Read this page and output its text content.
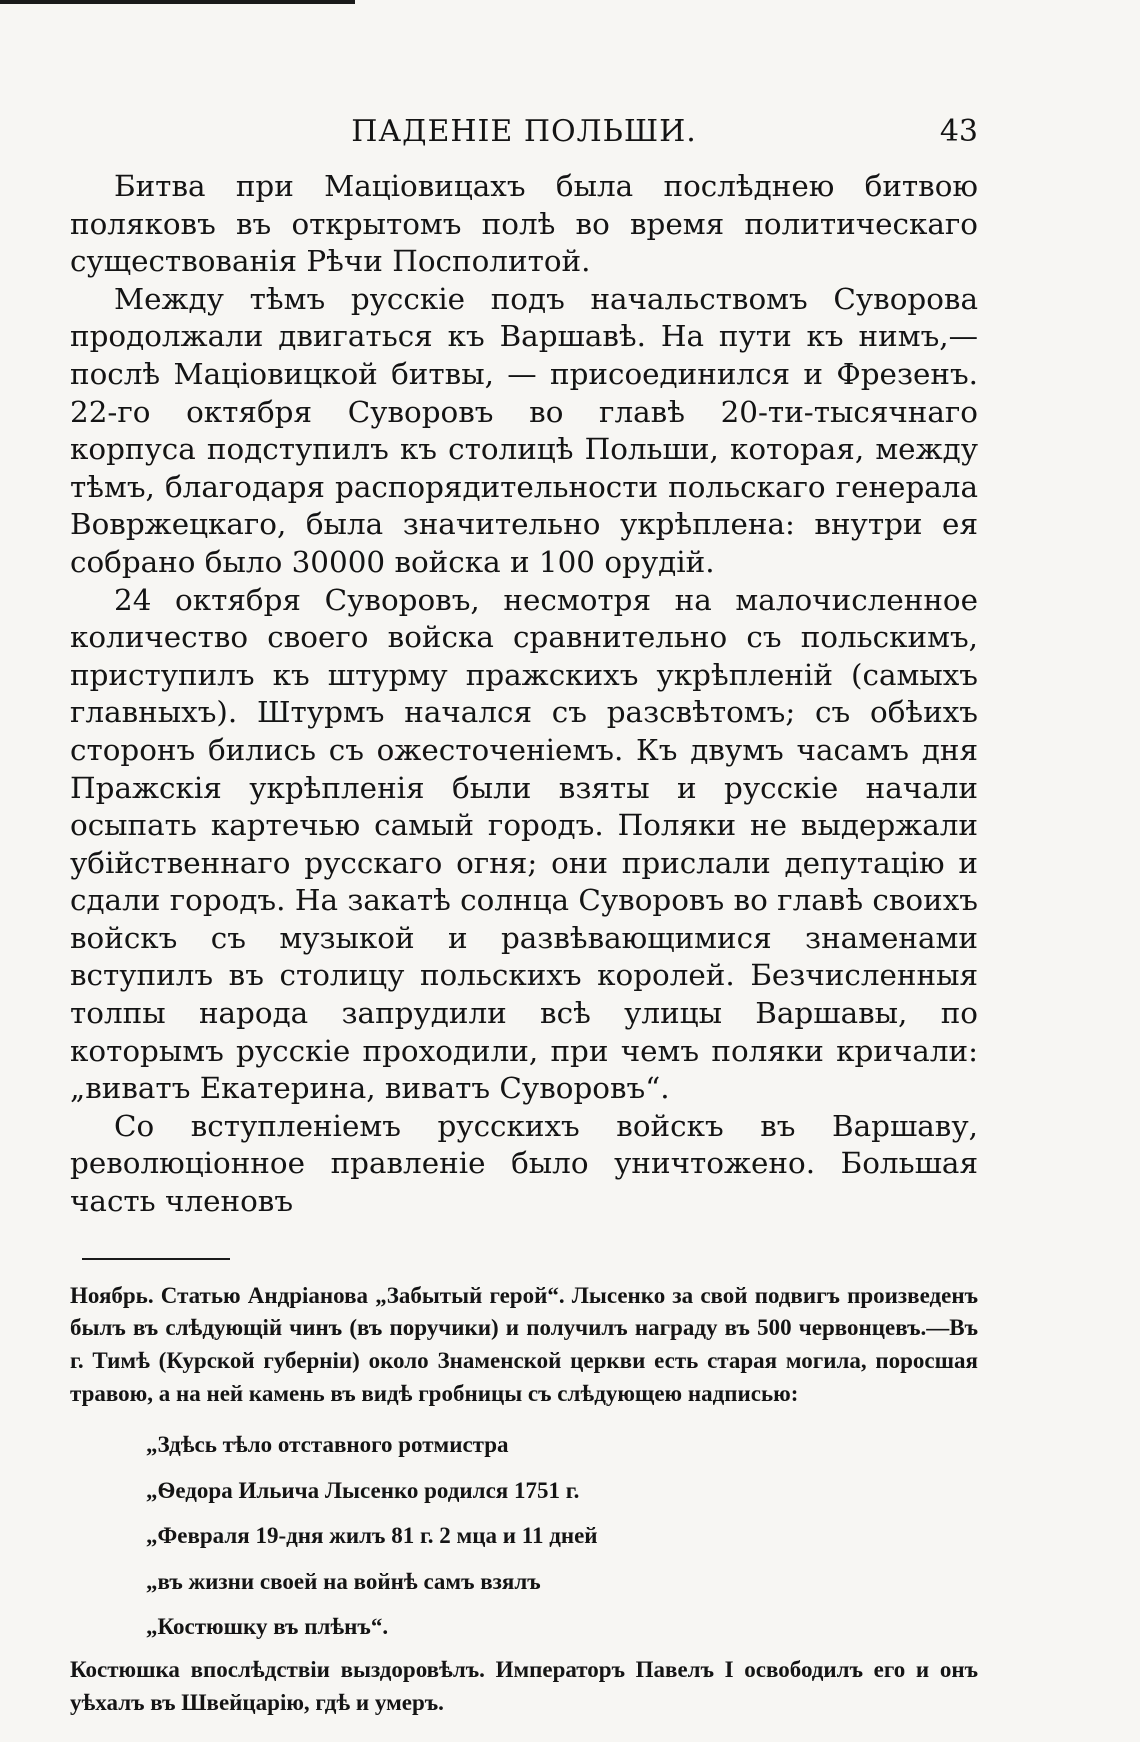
ПАДЕНІЕ ПОЛЬШИ.	43

Битва при Маціовицахъ была послѣднею битвою поляковъ въ открытомъ полѣ во время политическаго существованія Рѣчи Посполитой.

Между тѣмъ русскіе подъ начальствомъ Суворова продолжали двигаться къ Варшавѣ. На пути къ нимъ,—послѣ Маціовицкой битвы, — присоединился и Фрезенъ. 22-го октября Суворовъ во главѣ 20-ти-тысячнаго корпуса подступилъ къ столицѣ Польши, которая, между тѣмъ, благодаря распорядительности польскаго генерала Вовржецкаго, была значительно укрѣплена: внутри ея собрано было 30000 войска и 100 орудій.

24 октября Суворовъ, несмотря на малочисленное количество своего войска сравнительно съ польскимъ, приступилъ къ штурму пражскихъ укрѣпленій (самыхъ главныхъ). Штурмъ начался съ разсвѣтомъ; съ обѣихъ сторонъ бились съ ожесточеніемъ. Къ двумъ часамъ дня Пражскія укрѣпленія были взяты и русскіе начали осыпать картечью самый городъ. Поляки не выдержали убійственнаго русскаго огня; они прислали депутацію и сдали городъ. На закатѣ солнца Суворовъ во главѣ своихъ войскъ съ музыкой и развѣвающимися знаменами вступилъ въ столицу польскихъ королей. Безчисленныя толпы народа запрудили всѣ улицы Варшавы, по которымъ русскіе проходили, при чемъ поляки кричали: „виватъ Екатерина, виватъ Суворовъ“.

Со вступленіемъ русскихъ войскъ въ Варшаву, революціонное правленіе было уничтожено. Большая часть членовъ

Ноябрь. Статью Андріанова „Забытый герой“. Лысенко за свой подвигъ произведенъ былъ въ слѣдующій чинъ (въ поручики) и получилъ награду въ 500 червонцевъ.—Въ г. Тимѣ (Курской губерніи) около Знаменской церкви есть старая могила, поросшая травою, а на ней камень въ видѣ гробницы съ слѣдующею надписью:

„Здѣсь тѣло отставного ротмистра
„Ѳедора Ильича Лысенко родился 1751 г.
„Февраля 19-дня жилъ 81 г. 2 мца и 11 дней
„въ жизни своей на войнѣ самъ взялъ
„Костюшку въ плѣнъ“.

Костюшка впослѣдствіи выздоровѣлъ. Императоръ Павелъ I освободилъ его и онъ уѣхалъ въ Швейцарію, гдѣ и умеръ.
